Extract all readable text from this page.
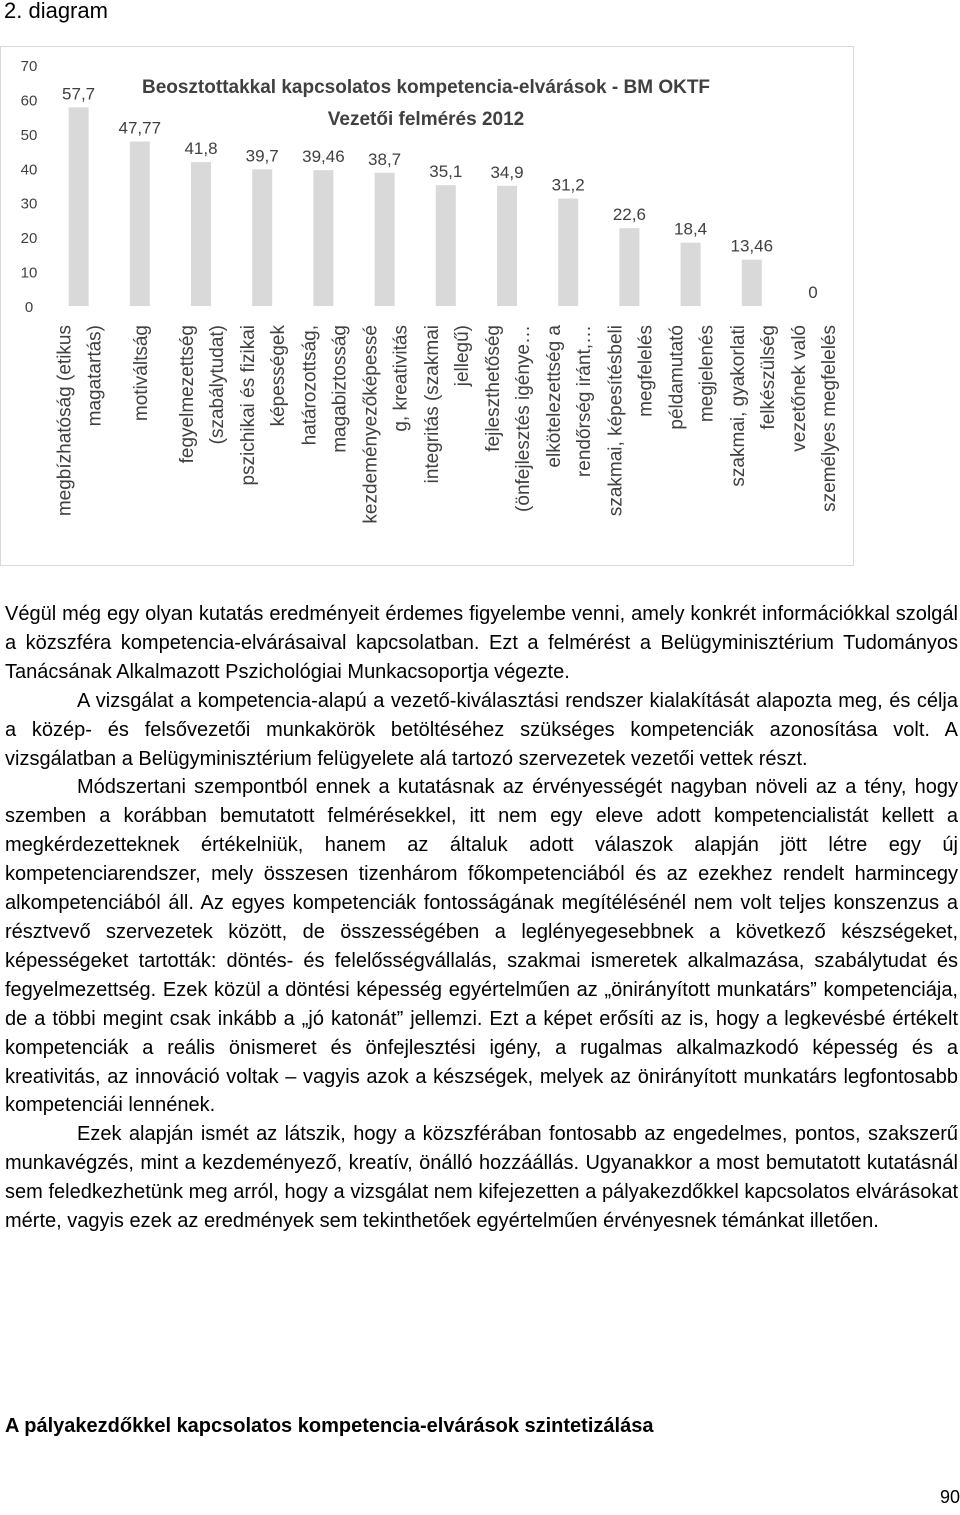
2. diagram
0
10
20
30
40
50
60
70
57,7
47,77
41,8 39,7 39,46 38,7
35,1 34,9
31,2
22,6
18,4
13,46
0
megbízhatóság (etikus magatartás) motiváltság fegyelmezettség (szabálytudat) pszichikai és fizikai képességek határozottság, magabiztosság kezdeményezőképessé g, kreativitás integritás (szakmai jellegű) fejleszthetőség (önfejlesztés igénye… elkötelezettség a rendőrség iránt,… szakmai, képesítésbeli megfelelés példamutató megjelenés szakmai, gyakorlati felkészülség vezetőnek való személyes megfelelés
Beosztottakkal kapcsolatos kompetencia-elvárások - BM OKTF
Vezetői felmérés 2012

Végül még egy olyan kutatás eredményeit érdemes figyelembe venni, amely konkrét információkkal szolgál a közszféra kompetencia-elvárásaival kapcsolatban. Ezt a felmérést a Belügyminisztérium Tudományos Tanácsának Alkalmazott Pszichológiai Munkacsoportja végezte.

A vizsgálat a kompetencia-alapú a vezető-kiválasztási rendszer kialakítását alapozta meg, és célja a közép- és felsővezetői munkakörök betöltéséhez szükséges kompetenciák azonosítása volt. A vizsgálatban a Belügyminisztérium felügyelete alá tartozó szervezetek vezetői vettek részt.

Módszertani szempontból ennek a kutatásnak az érvényességét nagyban növeli az a tény, hogy szemben a korábban bemutatott felmérésekkel, itt nem egy eleve adott kompetencialistát kellett a megkérdezetteknek értékelniük, hanem az általuk adott válaszok alapján jött létre egy új kompetenciarendszer, mely összesen tizenhárom főkompetenciából és az ezekhez rendelt harmincegy alkompetenciából áll. Az egyes kompetenciák fontosságának megítélésénél nem volt teljes konszenzus a résztvevő szervezetek között, de összességében a leglényegesebbnek a következő készségeket, képességeket tartották: döntés- és felelősségvállalás, szakmai ismeretek alkalmazása, szabálytudat és fegyelmezettség. Ezek közül a döntési képesség egyértelműen az „önirányított munkatárs” kompetenciája, de a többi megint csak inkább a „jó katonát” jellemzi. Ezt a képet erősíti az is, hogy a legkevésbé értékelt kompetenciák a reális önismeret és önfejlesztési igény, a rugalmas alkalmazkodó képesség és a kreativitás, az innováció voltak – vagyis azok a készségek, melyek az önirányított munkatárs legfontosabb kompetenciái lennének.

Ezek alapján ismét az látszik, hogy a közszférában fontosabb az engedelmes, pontos, szakszerű munkavégzés, mint a kezdeményező, kreatív, önálló hozzáállás. Ugyanakkor a most bemutatott kutatásnál sem feledkezhetünk meg arról, hogy a vizsgálat nem kifejezetten a pályakezdőkkel kapcsolatos elvárásokat mérte, vagyis ezek az eredmények sem tekinthetőek egyértelműen érvényesnek témánkat illetően.

A pályakezdőkkel kapcsolatos kompetencia-elvárások szintetizálása
90
